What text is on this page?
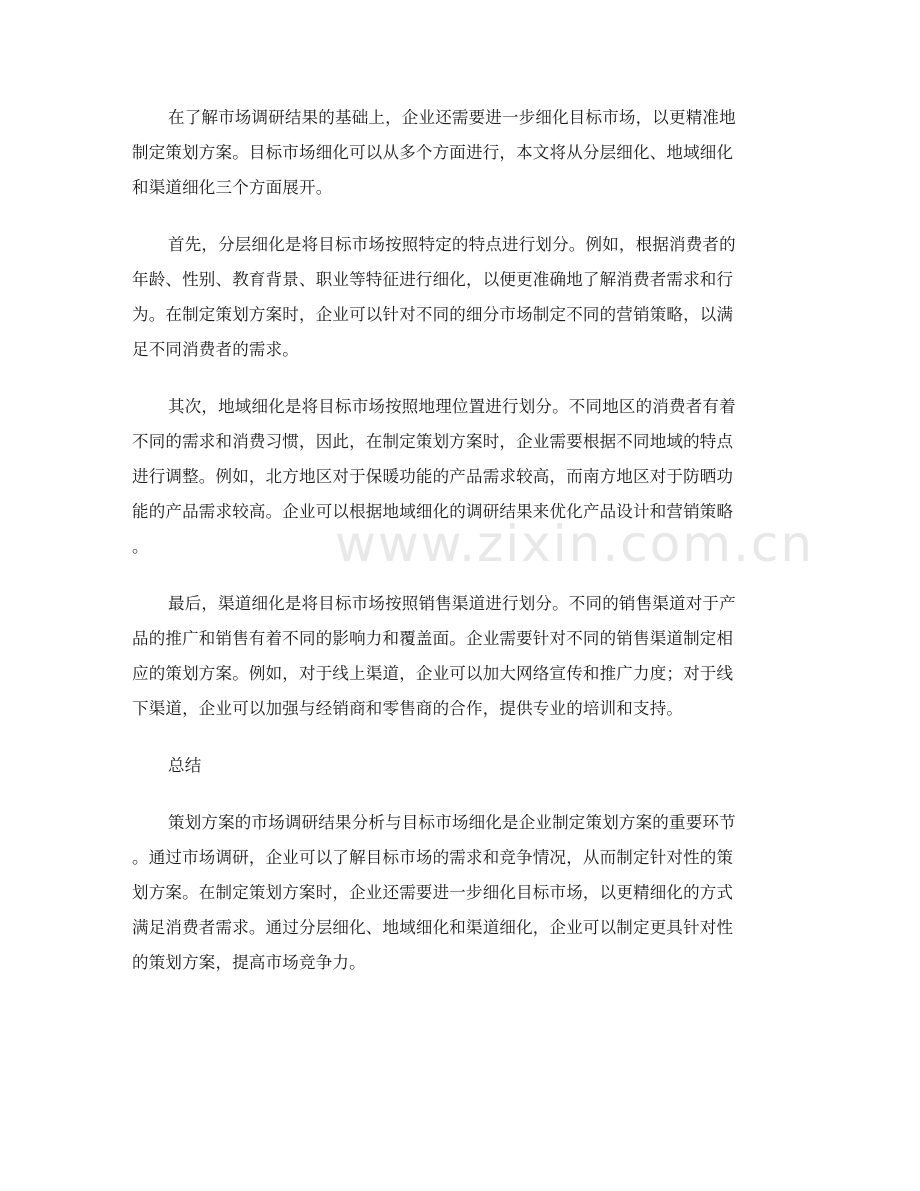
www.zixin.com.cn
在了解市场调研结果的基础上，企业还需要进一步细化目标市场，以更精准地
制定策划方案。目标市场细化可以从多个方面进行，本文将从分层细化、地域细化
和渠道细化三个方面展开。
首先，分层细化是将目标市场按照特定的特点进行划分。例如，根据消费者的
年龄、性别、教育背景、职业等特征进行细化，以便更准确地了解消费者需求和行
为。在制定策划方案时，企业可以针对不同的细分市场制定不同的营销策略，以满
足不同消费者的需求。
其次，地域细化是将目标市场按照地理位置进行划分。不同地区的消费者有着
不同的需求和消费习惯，因此，在制定策划方案时，企业需要根据不同地域的特点
进行调整。例如，北方地区对于保暖功能的产品需求较高，而南方地区对于防晒功
能的产品需求较高。企业可以根据地域细化的调研结果来优化产品设计和营销策略
。
最后，渠道细化是将目标市场按照销售渠道进行划分。不同的销售渠道对于产
品的推广和销售有着不同的影响力和覆盖面。企业需要针对不同的销售渠道制定相
应的策划方案。例如，对于线上渠道，企业可以加大网络宣传和推广力度；对于线
下渠道，企业可以加强与经销商和零售商的合作，提供专业的培训和支持。
总结
策划方案的市场调研结果分析与目标市场细化是企业制定策划方案的重要环节
。通过市场调研，企业可以了解目标市场的需求和竞争情况，从而制定针对性的策
划方案。在制定策划方案时，企业还需要进一步细化目标市场，以更精细化的方式
满足消费者需求。通过分层细化、地域细化和渠道细化，企业可以制定更具针对性
的策划方案，提高市场竞争力。
